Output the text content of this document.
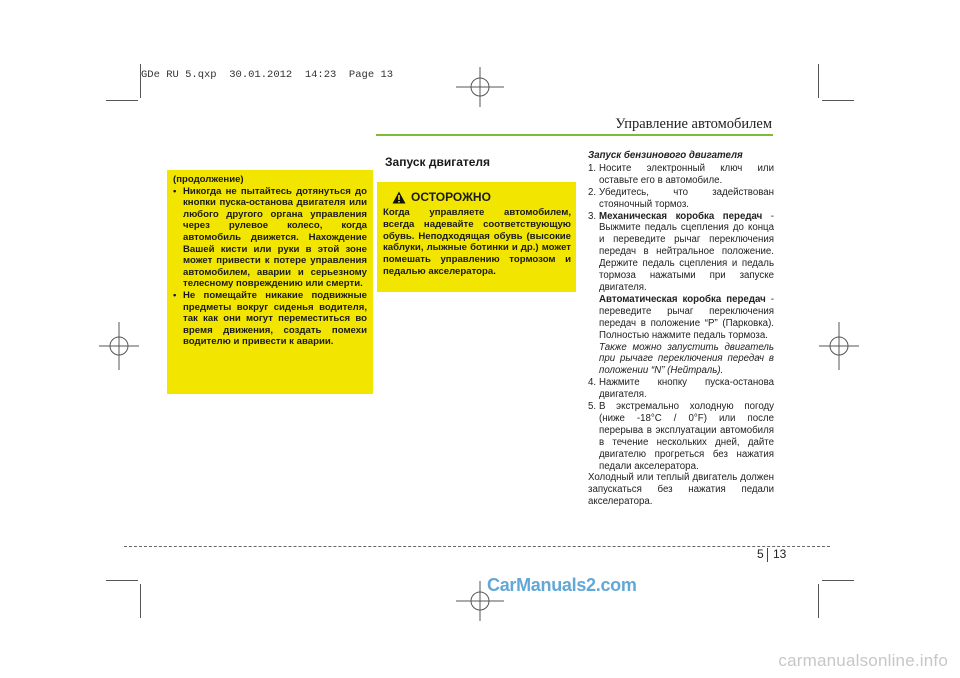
GDe RU 5.qxp  30.01.2012  14:23  Page 13
Управление автомобилем

(продолжение)

• Никогда не пытайтесь дотянуться до кнопки пуска-останова двигателя или любого другого органа управления через рулевое колесо, когда автомобиль движется. Нахождение Вашей кисти или руки в этой зоне может привести к потере управления автомобилем, аварии и серьезному телесному повреждению или смерти.
• Не помещайте никакие подвижные предметы вокруг сиденья водителя, так как они могут переместиться во время движения, создать помехи водителю и привести к аварии.
Запуск двигателя
ОСТОРОЖНО
Когда управляете автомобилем, всегда надевайте соответствующую обувь. Неподходящая обувь (высокие каблуки, лыжные ботинки и др.) может помешать управлению тормозом и педалью акселератора.
Запуск бензинового двигателя
1. Носите электронный ключ или оставьте его в автомобиле.
2. Убедитесь, что задействован стояночный тормоз.
3. Механическая коробка передач - Выжмите педаль сцепления до конца и переведите рычаг переключения передач в нейтральное положение. Держите педаль сцепления и педаль тормоза нажатыми при запуске двигателя.
Автоматическая коробка передач - переведите рычаг переключения передач в положение “P” (Парковка). Полностью нажмите педаль тормоза.
Также можно запустить двигатель при рычаге переключения передач в положении “N” (Нейтраль).
4. Нажмите кнопку пуска-останова двигателя.
5. В экстремально холодную погоду (ниже -18°C / 0°F) или после перерыва в эксплуатации автомобиля в течение нескольких дней, дайте двигателю прогреться без нажатия педали акселератора.
Холодный или теплый двигатель должен запускаться без нажатия педали акселератора.
5 13
CarManuals2.com
carmanualsonline.info
